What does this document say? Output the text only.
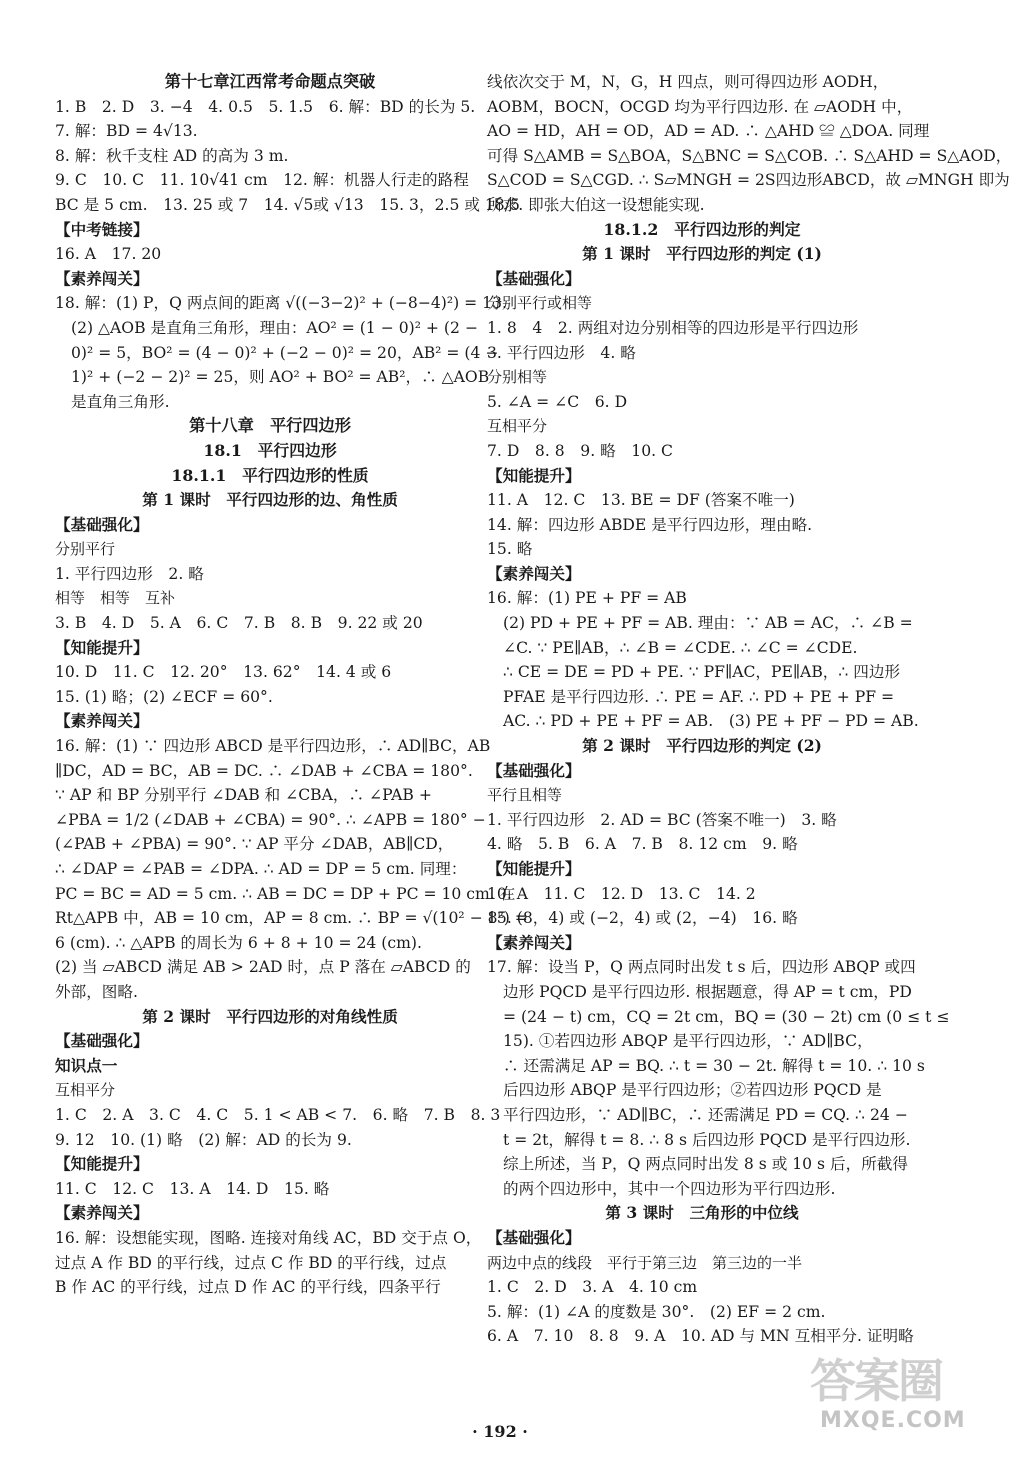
第十七章江西常考命题点突破
1. B　2. D　3. −4　4. 0.5　5. 1.5　6. 解：BD 的长为 5.
7. 解：BD = 4√13.
8. 解：秋千支柱 AD 的高为 3 m.
9. C　10. C　11. 10√41 cm　12. 解：机器人行走的路程
BC 是 5 cm.　13. 25 或 7　14. √5或 √13　15. 3，2.5 或 18/5
【中考链接】
16. A　17. 20
【素养闯关】
18. 解：(1) P，Q 两点间的距离 √((−3−2)² + (−8−4)²) = 13.
(2) △AOB 是直角三角形，理由：AO² = (1 − 0)² + (2 −
0)² = 5，BO² = (4 − 0)² + (−2 − 0)² = 20，AB² = (4 −
1)² + (−2 − 2)² = 25，则 AO² + BO² = AB²，∴ △AOB
是直角三角形.
第十八章　平行四边形
18.1　平行四边形
18.1.1　平行四边形的性质
第 1 课时　平行四边形的边、角性质
【基础强化】
分别平行
1. 平行四边形　2. 略
相等　相等　互补
3. B　4. D　5. A　6. C　7. B　8. B　9. 22 或 20
【知能提升】
10. D　11. C　12. 20°　13. 62°　14. 4 或 6
15. (1) 略；(2) ∠ECF = 60°.
【素养闯关】
16. 解：(1) ∵ 四边形 ABCD 是平行四边形，∴ AD∥BC，AB
∥DC，AD = BC，AB = DC. ∴ ∠DAB + ∠CBA = 180°.
∵ AP 和 BP 分别平行 ∠DAB 和 ∠CBA，∴ ∠PAB +
∠PBA = 1/2 (∠DAB + ∠CBA) = 90°. ∴ ∠APB = 180° −
(∠PAB + ∠PBA) = 90°. ∵ AP 平分 ∠DAB，AB∥CD，
∴ ∠DAP = ∠PAB = ∠DPA. ∴ AD = DP = 5 cm. 同理：
PC = BC = AD = 5 cm. ∴ AB = DC = DP + PC = 10 cm. 在
Rt△APB 中，AB = 10 cm，AP = 8 cm. ∴ BP = √(10² − 8²) =
6 (cm). ∴ △APB 的周长为 6 + 8 + 10 = 24 (cm).
(2) 当 ▱ABCD 满足 AB > 2AD 时，点 P 落在 ▱ABCD 的
外部，图略.
第 2 课时　平行四边形的对角线性质
【基础强化】
知识点一
互相平分
1. C　2. A　3. C　4. C　5. 1 < AB < 7.　6. 略　7. B　8. 3
9. 12　10. (1) 略　(2) 解：AD 的长为 9.
【知能提升】
11. C　12. C　13. A　14. D　15. 略
【素养闯关】
16. 解：设想能实现，图略. 连接对角线 AC，BD 交于点 O，
过点 A 作 BD 的平行线，过点 C 作 BD 的平行线，过点
B 作 AC 的平行线，过点 D 作 AC 的平行线，四条平行
线依次交于 M，N，G，H 四点，则可得四边形 AODH，
AOBM，BOCN，OCGD 均为平行四边形. 在 ▱AODH 中，
AO = HD，AH = OD，AD = AD. ∴ △AHD ≌ △DOA. 同理
可得 S△AMB = S△BOA，S△BNC = S△COB. ∴ S△AHD = S△AOD，
S△COD = S△CGD. ∴ S▱MNGH = 2S四边形ABCD，故 ▱MNGH 即为
所求. 即张大伯这一设想能实现.
18.1.2　平行四边形的判定
第 1 课时　平行四边形的判定 (1)
【基础强化】
分别平行或相等
1. 8　4　2. 两组对边分别相等的四边形是平行四边形
3. 平行四边形　4. 略
分别相等
5. ∠A = ∠C　6. D
互相平分
7. D　8. 8　9. 略　10. C
【知能提升】
11. A　12. C　13. BE = DF (答案不唯一)
14. 解：四边形 ABDE 是平行四边形，理由略.
15. 略
【素养闯关】
16. 解：(1) PE + PF = AB
(2) PD + PE + PF = AB. 理由：∵ AB = AC，∴ ∠B =
∠C. ∵ PE∥AB，∴ ∠B = ∠CDE. ∴ ∠C = ∠CDE.
∴ CE = DE = PD + PE. ∵ PF∥AC，PE∥AB，∴ 四边形
PFAE 是平行四边形. ∴ PE = AF. ∴ PD + PE + PF =
AC. ∴ PD + PE + PF = AB.　(3) PE + PF − PD = AB.
第 2 课时　平行四边形的判定 (2)
【基础强化】
平行且相等
1. 平行四边形　2. AD = BC (答案不唯一)　3. 略
4. 略　5. B　6. A　7. B　8. 12 cm　9. 略
【知能提升】
10. A　11. C　12. D　13. C　14. 2
15. (8，4) 或 (−2，4) 或 (2，−4)　16. 略
【素养闯关】
17. 解：设当 P，Q 两点同时出发 t s 后，四边形 ABQP 或四
边形 PQCD 是平行四边形. 根据题意，得 AP = t cm，PD
= (24 − t) cm，CQ = 2t cm，BQ = (30 − 2t) cm (0 ≤ t ≤
15). ①若四边形 ABQP 是平行四边形，∵ AD∥BC，
∴ 还需满足 AP = BQ. ∴ t = 30 − 2t. 解得 t = 10. ∴ 10 s
后四边形 ABQP 是平行四边形；②若四边形 PQCD 是
平行四边形，∵ AD∥BC，∴ 还需满足 PD = CQ. ∴ 24 −
t = 2t，解得 t = 8. ∴ 8 s 后四边形 PQCD 是平行四边形.
综上所述，当 P，Q 两点同时出发 8 s 或 10 s 后，所截得
的两个四边形中，其中一个四边形为平行四边形.
第 3 课时　三角形的中位线
【基础强化】
两边中点的线段　平行于第三边　第三边的一半
1. C　2. D　3. A　4. 10 cm
5. 解：(1) ∠A 的度数是 30°.　(2) EF = 2 cm.
6. A　7. 10　8. 8　9. A　10. AD 与 MN 互相平分. 证明略
· 192 ·
答案圈
MXQE.COM
